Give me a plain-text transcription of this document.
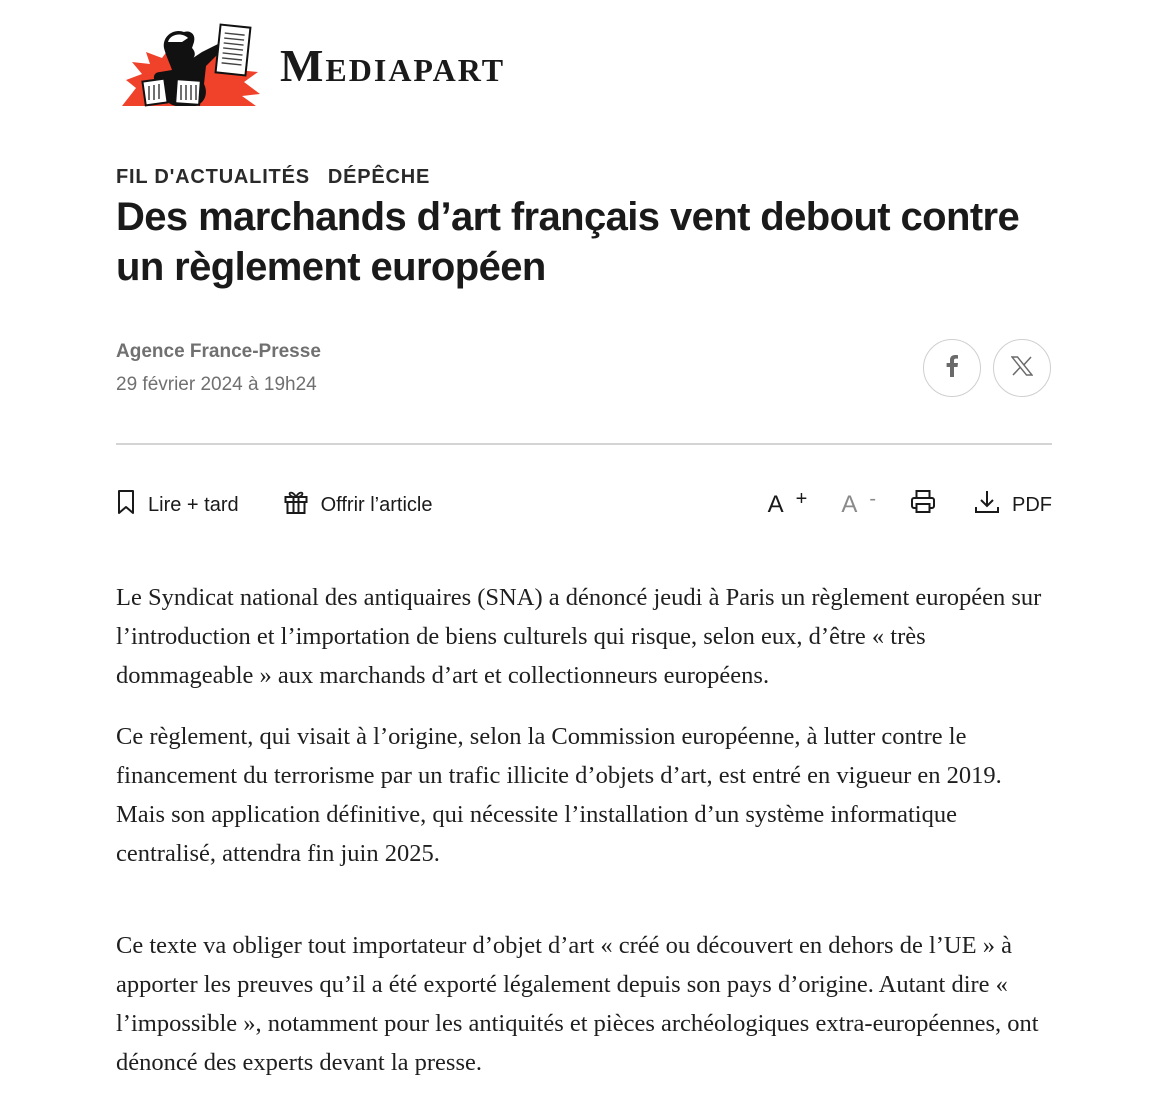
Mediapart
FIL D'ACTUALITÉS DÉPÊCHE
Des marchands d’art français vent debout contre un règlement européen
Agence France-Presse
29 février 2024 à 19h24
Lire + tard	Offrir l’article	A + A -	PDF

Le Syndicat national des antiquaires (SNA) a dénoncé jeudi à Paris un règlement européen sur l’introduction et l’importation de biens culturels qui risque, selon eux, d’être « très dommageable » aux marchands d’art et collectionneurs européens.

Ce règlement, qui visait à l’origine, selon la Commission européenne, à lutter contre le financement du terrorisme par un trafic illicite d’objets d’art, est entré en vigueur en 2019. Mais son application définitive, qui nécessite l’installation d’un système informatique centralisé, attendra fin juin 2025.

Ce texte va obliger tout importateur d’objet d’art « créé ou découvert en dehors de l’UE » à apporter les preuves qu’il a été exporté légalement depuis son pays d’origine. Autant dire « l’impossible », notamment pour les antiquités et pièces archéologiques extra-européennes, ont dénoncé des experts devant la presse.
